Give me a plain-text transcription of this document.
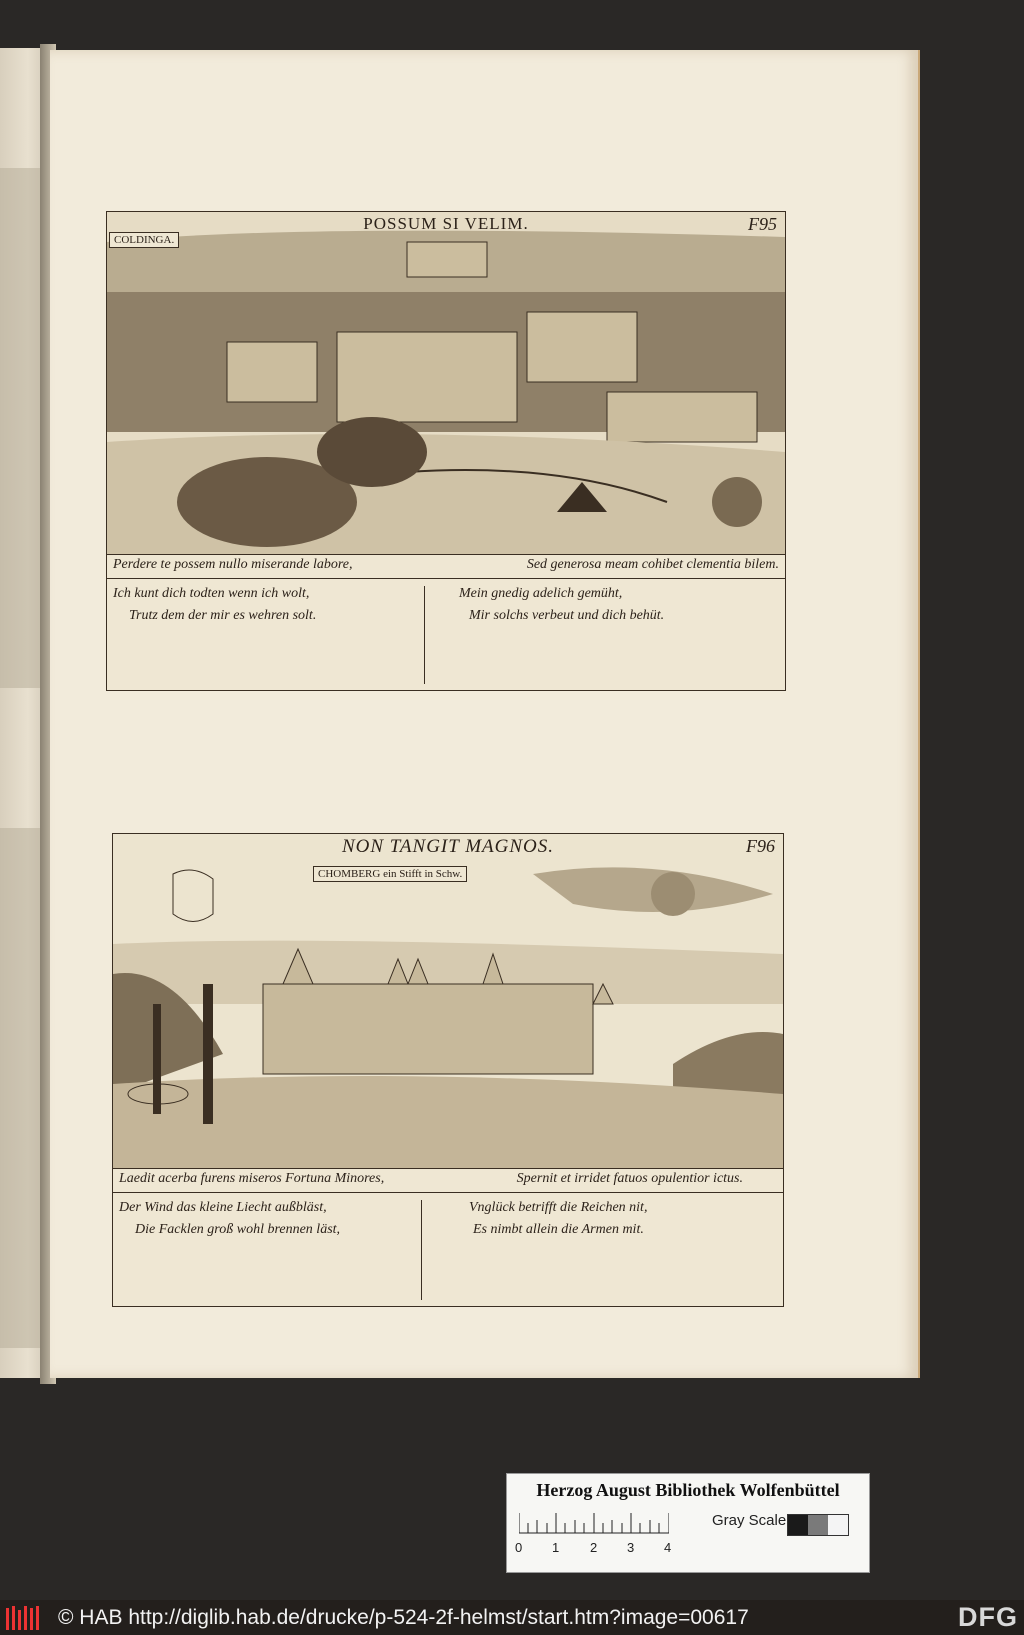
POSSUM SI VELIM.	F95
COLDINGA.
Perdere te possem nullo miserande labore,	Sed generosa meam cohibet clementia bilem.
Ich kunt dich todten wenn ich wolt,
Trutz dem der mir es wehren solt.
Mein gnedig adelich gemüht,
Mir solchs verbeut und dich behüt.
NON TANGIT MAGNOS.	F96
CHOMBERG ein Stifft in Schw.
Laedit acerba furens miseros Fortuna Minores,	Spernit et irridet fatuos opulentior ictus.
Der Wind das kleine Liecht außbläst,
Die Facklen groß wohl brennen läst,
Vnglück betrifft die Reichen nit,
Es nimbt allein die Armen mit.
Herzog August Bibliothek Wolfenbüttel
0 1 2 3 4
Gray Scale
© HAB http://diglib.hab.de/drucke/p-524-2f-helmst/start.htm?image=00617	DFG
